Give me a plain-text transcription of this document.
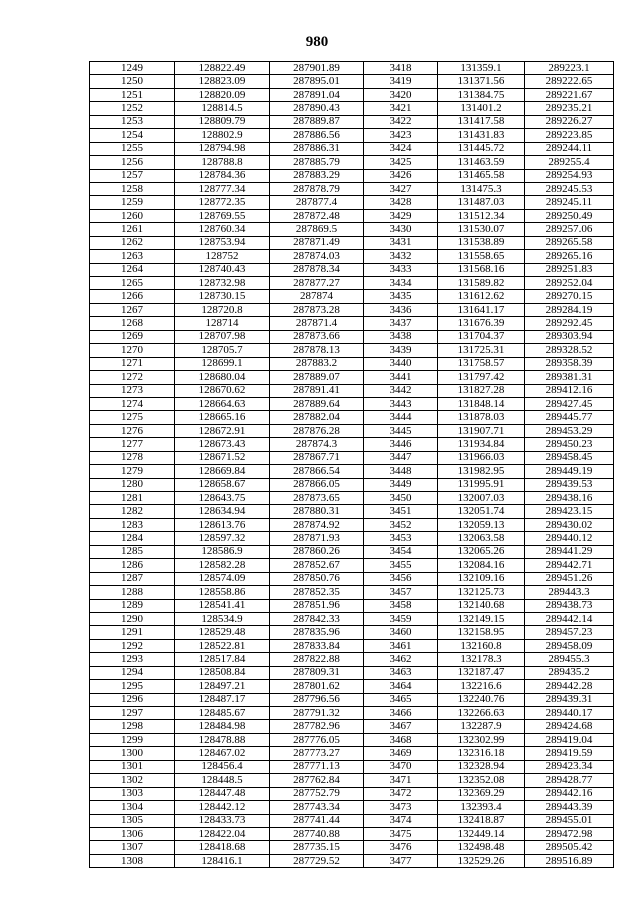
980
1249	128822.49	287901.89	3418	131359.1	289223.1
1250	128823.09	287895.01	3419	131371.56	289222.65
1251	128820.09	287891.04	3420	131384.75	289221.67
1252	128814.5	287890.43	3421	131401.2	289235.21
1253	128809.79	287889.87	3422	131417.58	289226.27
1254	128802.9	287886.56	3423	131431.83	289223.85
1255	128794.98	287886.31	3424	131445.72	289244.11
1256	128788.8	287885.79	3425	131463.59	289255.4
1257	128784.36	287883.29	3426	131465.58	289254.93
1258	128777.34	287878.79	3427	131475.3	289245.53
1259	128772.35	287877.4	3428	131487.03	289245.11
1260	128769.55	287872.48	3429	131512.34	289250.49
1261	128760.34	287869.5	3430	131530.07	289257.06
1262	128753.94	287871.49	3431	131538.89	289265.58
1263	128752	287874.03	3432	131558.65	289265.16
1264	128740.43	287878.34	3433	131568.16	289251.83
1265	128732.98	287877.27	3434	131589.82	289252.04
1266	128730.15	287874	3435	131612.62	289270.15
1267	128720.8	287873.28	3436	131641.17	289284.19
1268	128714	287871.4	3437	131676.39	289292.45
1269	128707.98	287873.66	3438	131704.37	289303.94
1270	128705.7	287878.13	3439	131725.31	289328.52
1271	128699.1	287883.2	3440	131758.57	289358.39
1272	128680.04	287889.07	3441	131797.42	289381.31
1273	128670.62	287891.41	3442	131827.28	289412.16
1274	128664.63	287889.64	3443	131848.14	289427.45
1275	128665.16	287882.04	3444	131878.03	289445.77
1276	128672.91	287876.28	3445	131907.71	289453.29
1277	128673.43	287874.3	3446	131934.84	289450.23
1278	128671.52	287867.71	3447	131966.03	289458.45
1279	128669.84	287866.54	3448	131982.95	289449.19
1280	128658.67	287866.05	3449	131995.91	289439.53
1281	128643.75	287873.65	3450	132007.03	289438.16
1282	128634.94	287880.31	3451	132051.74	289423.15
1283	128613.76	287874.92	3452	132059.13	289430.02
1284	128597.32	287871.93	3453	132063.58	289440.12
1285	128586.9	287860.26	3454	132065.26	289441.29
1286	128582.28	287852.67	3455	132084.16	289442.71
1287	128574.09	287850.76	3456	132109.16	289451.26
1288	128558.86	287852.35	3457	132125.73	289443.3
1289	128541.41	287851.96	3458	132140.68	289438.73
1290	128534.9	287842.33	3459	132149.15	289442.14
1291	128529.48	287835.96	3460	132158.95	289457.23
1292	128522.81	287833.84	3461	132160.8	289458.09
1293	128517.84	287822.88	3462	132178.3	289455.3
1294	128508.84	287809.31	3463	132187.47	289435.2
1295	128497.21	287801.62	3464	132216.6	289442.28
1296	128487.17	287796.56	3465	132240.76	289439.31
1297	128485.67	287791.32	3466	132266.63	289440.17
1298	128484.98	287782.96	3467	132287.9	289424.68
1299	128478.88	287776.05	3468	132302.99	289419.04
1300	128467.02	287773.27	3469	132316.18	289419.59
1301	128456.4	287771.13	3470	132328.94	289423.34
1302	128448.5	287762.84	3471	132352.08	289428.77
1303	128447.48	287752.79	3472	132369.29	289442.16
1304	128442.12	287743.34	3473	132393.4	289443.39
1305	128433.73	287741.44	3474	132418.87	289455.01
1306	128422.04	287740.88	3475	132449.14	289472.98
1307	128418.68	287735.15	3476	132498.48	289505.42
1308	128416.1	287729.52	3477	132529.26	289516.89
